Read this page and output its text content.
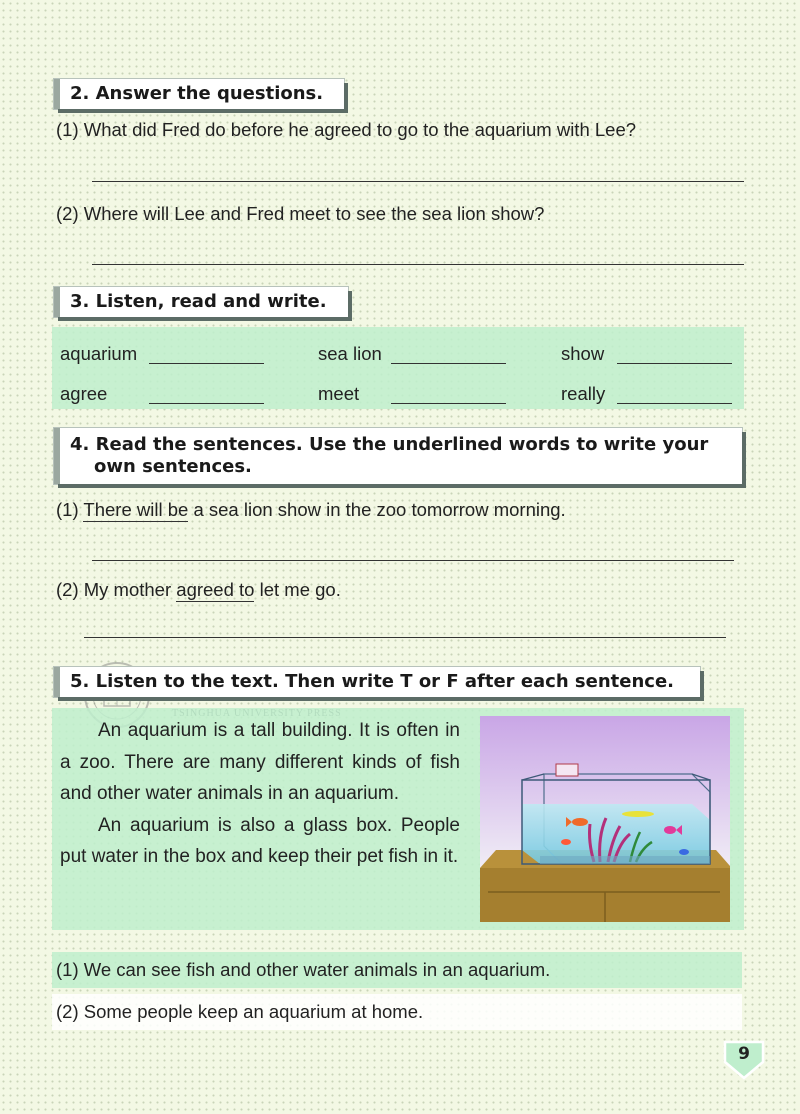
2. Answer the questions.
(1) What did Fred do before he agreed to go to the aquarium with Lee?
(2) Where will Lee and Fred meet to see the sea lion show?
3. Listen, read and write.
aquarium	sea lion	show
agree	meet	really
4. Read the sentences. Use the underlined words to write your
own sentences.
(1) There will be a sea lion show in the zoo tomorrow morning.
(2) My mother agreed to let me go.
5. Listen to the text. Then write T or F after each sentence.

An aquarium is a tall building. It is often in a zoo. There are many different kinds of fish and other water animals in an aquarium.

An aquarium is also a glass box. People put water in the box and keep their pet fish in it.

(1) We can see fish and other water animals in an aquarium.
(2) Some people keep an aquarium at home.
9
